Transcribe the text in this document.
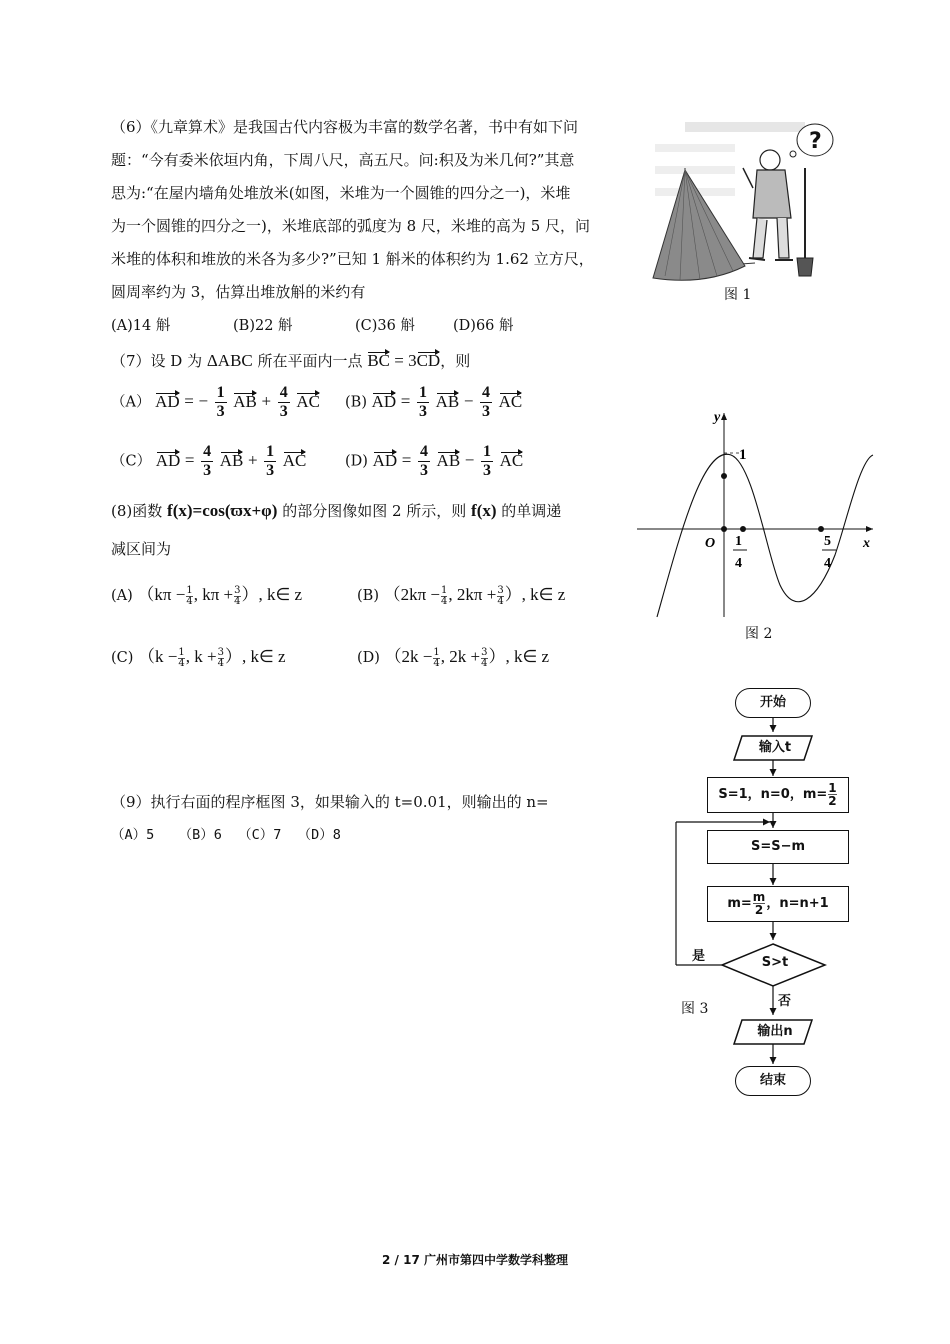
（6）《九章算术》是我国古代内容极为丰富的数学名著，书中有如下问
题：“今有委米依垣内角，下周八尺，高五尺。问:积及为米几何?”其意
思为:“在屋内墙角处堆放米(如图，米堆为一个圆锥的四分之一)，米堆
为一个圆锥的四分之一)，米堆底部的弧度为 8 尺，米堆的高为 5 尺，问
米堆的体积和堆放的米各为多少?”已知 1 斛米的体积约为 1.62 立方尺，
圆周率约为 3，估算出堆放斛的米约有
(A)14 斛	(B)22 斛	(C)36 斛	(D)66 斛
?
图 1
（7）设 D 为 ΔABC 所在平面内一点 BC = 3CD，则
（A） AD = − $\frac{1}{3}$ AB + $\frac{4}{3}$ AC (B) AD = $\frac{1}{3}$ AB − $\frac{4}{3}$ AC
（C） AD = $\frac{4}{3}$ AB + $\frac{1}{3}$ AC	(D) AD = $\frac{4}{3}$ AB − $\frac{1}{3}$ AC
(8)函数 f(x)=cos(ϖx+φ) 的部分图像如图 2 所示，则 f(x) 的单调递
减区间为
(A) （$k\pi - \frac{1}{4}$ , $k\pi + \frac{3}{4}$ ）, k∈ z	(B) （$2k\pi - \frac{1}{4}$ , $2k\pi + \frac{3}{4}$ ）, k∈ z
(C) （$k - \frac{1}{4}$ , $k + \frac{3}{4}$ ）, k∈ z	(D) （$2k - \frac{1}{4}$ , $2k + \frac{3}{4}$ ）, k∈ z
y
x
O
1
1
4
5
4
图 2
（9）执行右面的程序框图 3，如果输入的 t=0.01，则输出的 n=
（A）5   （B）6  （C）7  （D）8
开始
输入t
S=1，n=0，$m= \frac{1}{2}$
S=S−m
$m= \frac{m}{2}$ ，n=n+1
S>t
是
否
输出n
结束
图 3
2 / 17 广州市第四中学数学科整理
